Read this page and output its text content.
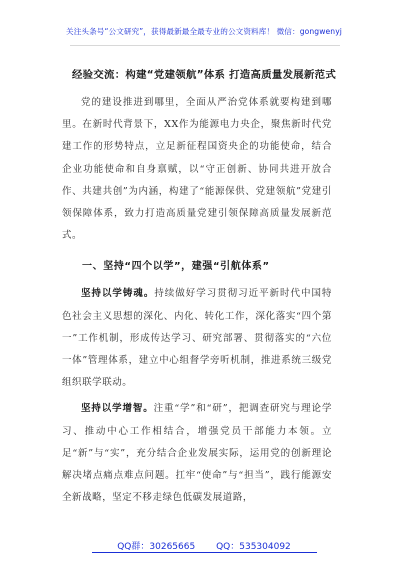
关注头条号“公文研究”，获得最新最全最专业的公文资料库！ 微信：gongwenyj
经验交流：构建“党建领航”体系 打造高质量发展新范式

党的建设推进到哪里，全面从严治党体系就要构建到哪里。在新时代背景下，XX作为能源电力央企，聚焦新时代党建工作的形势特点，立足新征程国资央企的功能使命，结合企业功能使命和自身禀赋，以“守正创新、协同共进开放合作、共建共创”为内涵，构建了“能源保供、党建领航”党建引领保障体系，致力打造高质量党建引领保障高质量发展新范式。

一、坚持“四个以学”，建强“引航体系”

坚持以学铸魂。持续做好学习贯彻习近平新时代中国特色社会主义思想的深化、内化、转化工作，深化落实“四个第一”工作机制，形成传达学习、研究部署、贯彻落实的“六位一体”管理体系，建立中心组督学旁听机制，推进系统三级党组织联学联动。

坚持以学增智。注重“学”和“研”，把调查研究与理论学习、推动中心工作相结合，增强党员干部能力本领。立足“新”与“实”，充分结合企业发展实际，运用党的创新理论解决堵点痛点难点问题。扛牢“使命”与“担当”，践行能源安全新战略，坚定不移走绿色低碳发展道路，

QQ群：30265665 QQ：535304092
